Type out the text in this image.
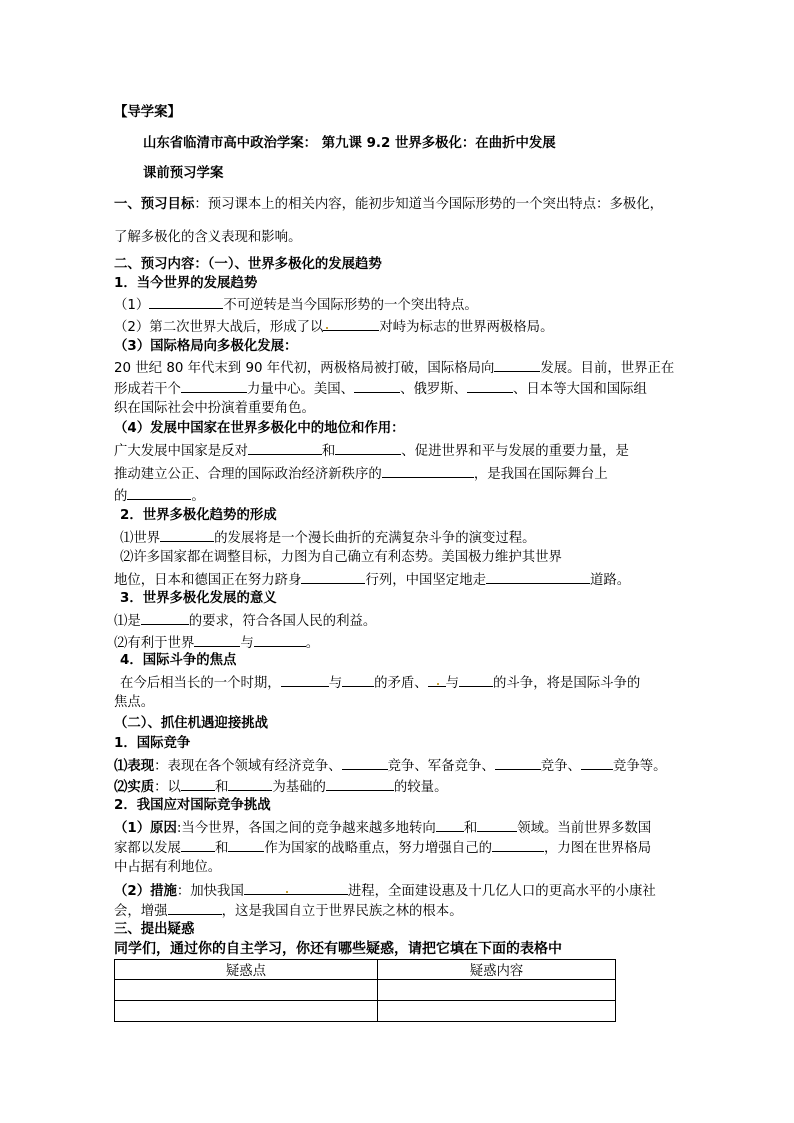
【导学案】
山东省临清市高中政治学案： 第九课 9.2 世界多极化：在曲折中发展
课前预习学案
一、预习目标：预习课本上的相关内容，能初步知道当今国际形势的一个突出特点：多极化，
了解多极化的含义表现和影响。
二、预习内容：（一）、世界多极化的发展趋势
1．当今世界的发展趋势
（1）	不可逆转是当今国际形势的一个突出特点。
（2）第二次世界大战后，形成了以	对峙为标志的世界两极格局。
（3）国际格局向多极化发展：
20 世纪 80 年代末到 90 年代初，两极格局被打破，国际格局向	发展。目前，世界正在
形成若干个	力量中心。美国、	、俄罗斯、	、日本等大国和国际组
织在国际社会中扮演着重要角色。
（4）发展中国家在世界多极化中的地位和作用：
广大发展中国家是反对	和	、促进世界和平与发展的重要力量，是
推动建立公正、合理的国际政治经济新秩序的	，是我国在国际舞台上
的	。
2．世界多极化趋势的形成
⑴世界	的发展将是一个漫长曲折的充满复杂斗争的演变过程。
⑵许多国家都在调整目标，力图为自己确立有利态势。美国极力维护其世界
地位，日本和德国正在努力跻身	行列，中国坚定地走	道路。
3．世界多极化发展的意义
⑴是	的要求，符合各国人民的利益。
⑵有利于世界	与	。
4．国际斗争的焦点
在今后相当长的一个时期，	与 的矛盾、 与	的斗争，将是国际斗争的
焦点。
（二）、抓住机遇迎接挑战
1．国际竞争
⑴表现：表现在各个领域有经济竞争、	竞争、军备竞争、	竞争、 竞争等。
⑵实质：以	和	为基础的	的较量。
2．我国应对国际竞争挑战
（1）原因:当今世界，各国之间的竞争越来越多地转向 和	领域。当前世界多数国
家都以发展	和	作为国家的战略重点，努力增强自己的	，力图在世界格局
中占据有利地位。
（2）措施：加快我国	进程，全面建设惠及十几亿人口的更高水平的小康社
会，增强	，这是我国自立于世界民族之林的根本。
三、提出疑惑
同学们，通过你的自主学习，你还有哪些疑惑，请把它填在下面的表格中
疑惑点	疑惑内容
